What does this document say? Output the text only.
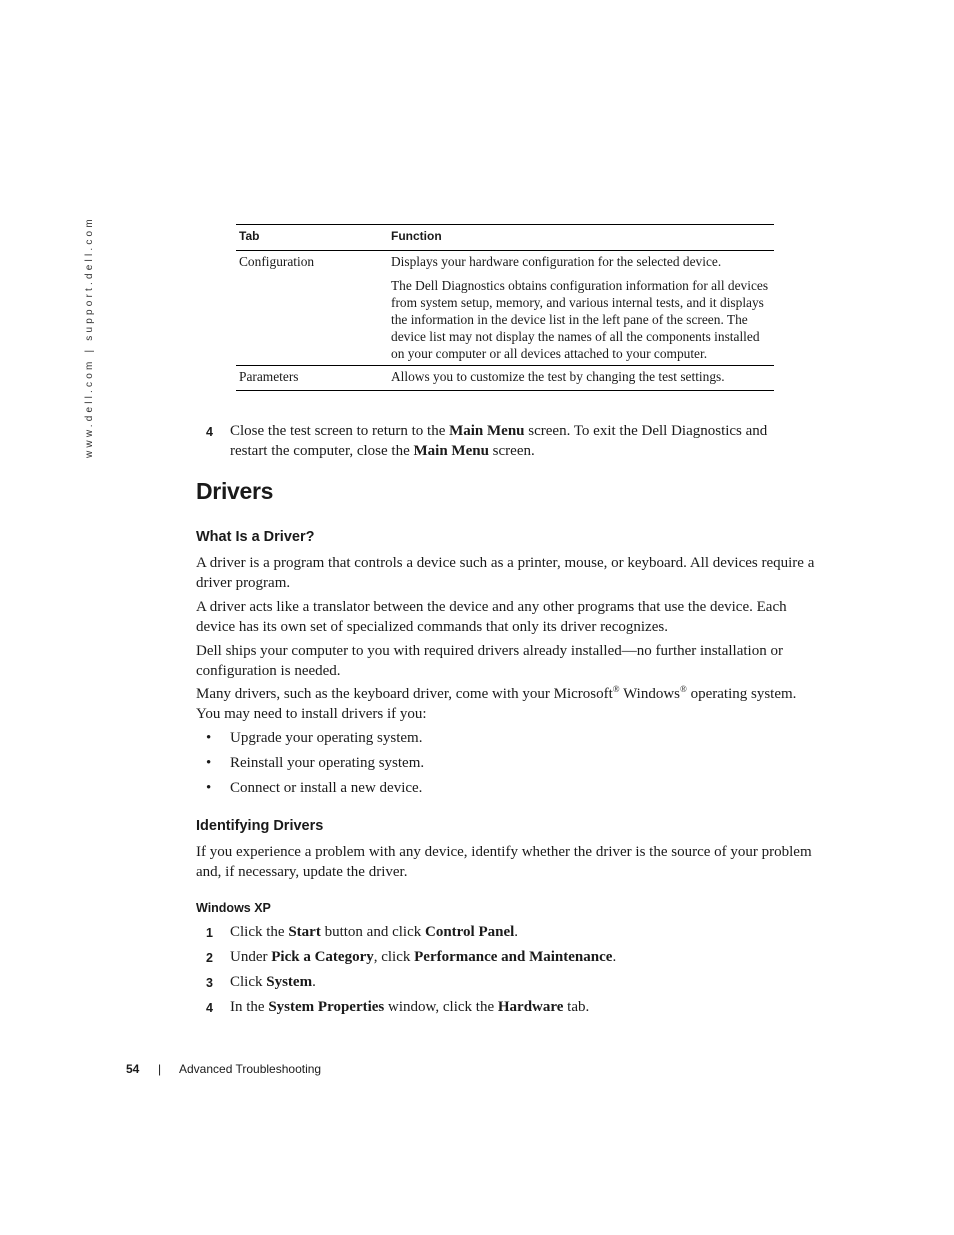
www.dell.com | support.dell.com	Tab	Function
Configuration	Displays your hardware configuration for the selected device.

The Dell Diagnostics obtains configuration information for all devices from system setup, memory, and various internal tests, and it displays the information in the device list in the left pane of the screen. The device list may not display the names of all the components installed on your computer or all devices attached to your computer.

Parameters	Allows you to customize the test by changing the test settings.

4 Close the test screen to return to the Main Menu screen. To exit the Dell Diagnostics and restart the computer, close the Main Menu screen.
Drivers
What Is a Driver?
A driver is a program that controls a device such as a printer, mouse, or keyboard. All devices require a driver program.
A driver acts like a translator between the device and any other programs that use the device. Each device has its own set of specialized commands that only its driver recognizes.
Dell ships your computer to you with required drivers already installed—no further installation or configuration is needed.
Many drivers, such as the keyboard driver, come with your Microsoft® Windows® operating system. You may need to install drivers if you:
• Upgrade your operating system.
• Reinstall your operating system.
• Connect or install a new device.
Identifying Drivers
If you experience a problem with any device, identify whether the driver is the source of your problem and, if necessary, update the driver.
Windows XP
1 Click the Start button and click Control Panel.
2 Under Pick a Category, click Performance and Maintenance.
3 Click System.
4 In the System Properties window, click the Hardware tab.
54 | Advanced Troubleshooting
